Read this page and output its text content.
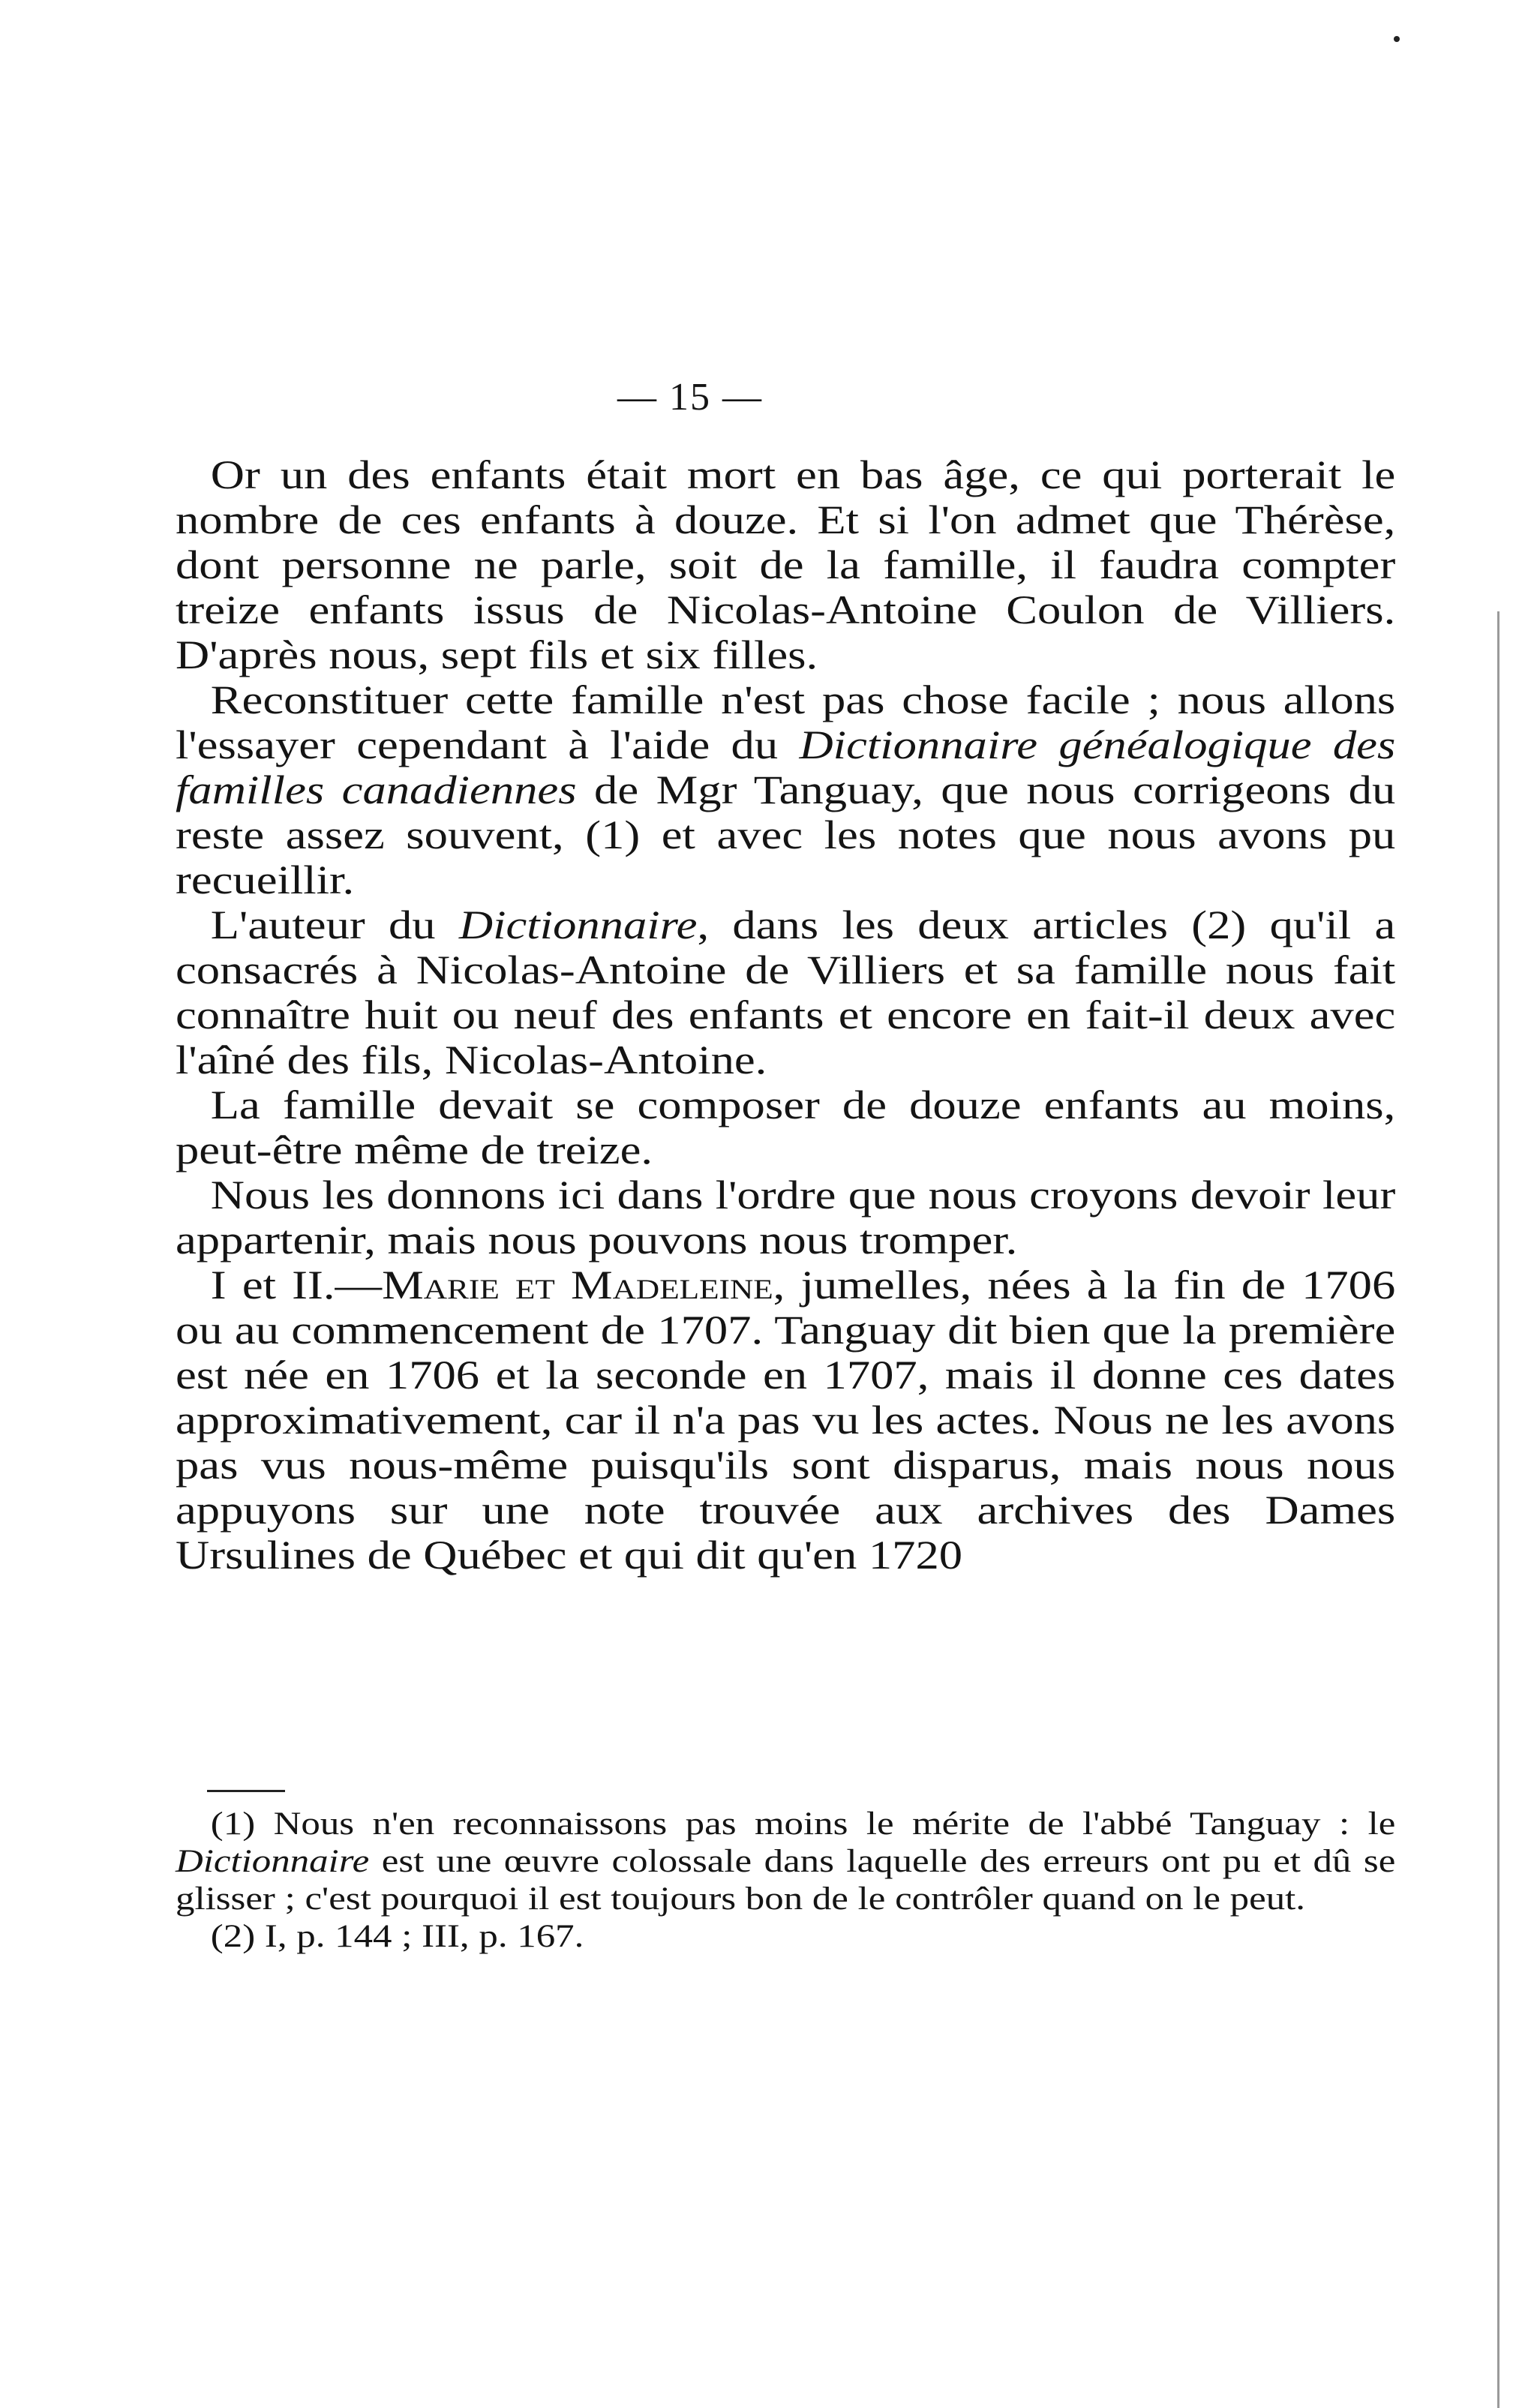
— 15 —

Or un des enfants était mort en bas âge, ce qui porterait le nombre de ces enfants à douze. Et si l'on admet que Thérèse, dont personne ne parle, soit de la famille, il faudra compter treize enfants issus de Nicolas-Antoine Coulon de Villiers. D'après nous, sept fils et six filles.

Reconstituer cette famille n'est pas chose facile ; nous allons l'essayer cependant à l'aide du Dictionnaire généalogique des familles canadiennes de Mgr Tanguay, que nous corrigeons du reste assez souvent, (1) et avec les notes que nous avons pu recueillir.

L'auteur du Dictionnaire, dans les deux articles (2) qu'il a consacrés à Nicolas-Antoine de Villiers et sa famille nous fait connaître huit ou neuf des enfants et encore en fait-il deux avec l'aîné des fils, Nicolas-Antoine.

La famille devait se composer de douze enfants au moins, peut-être même de treize.

Nous les donnons ici dans l'ordre que nous croyons devoir leur appartenir, mais nous pouvons nous tromper.

I et II.—Marie et Madeleine, jumelles, nées à la fin de 1706 ou au commencement de 1707. Tanguay dit bien que la première est née en 1706 et la seconde en 1707, mais il donne ces dates approximativement, car il n'a pas vu les actes. Nous ne les avons pas vus nous-même puisqu'ils sont disparus, mais nous nous appuyons sur une note trouvée aux archives des Dames Ursulines de Québec et qui dit qu'en 1720

(1) Nous n'en reconnaissons pas moins le mérite de l'abbé Tanguay : le Dictionnaire est une œuvre colossale dans laquelle des erreurs ont pu et dû se glisser ; c'est pourquoi il est toujours bon de le contrôler quand on le peut.

(2) I, p. 144 ; III, p. 167.
